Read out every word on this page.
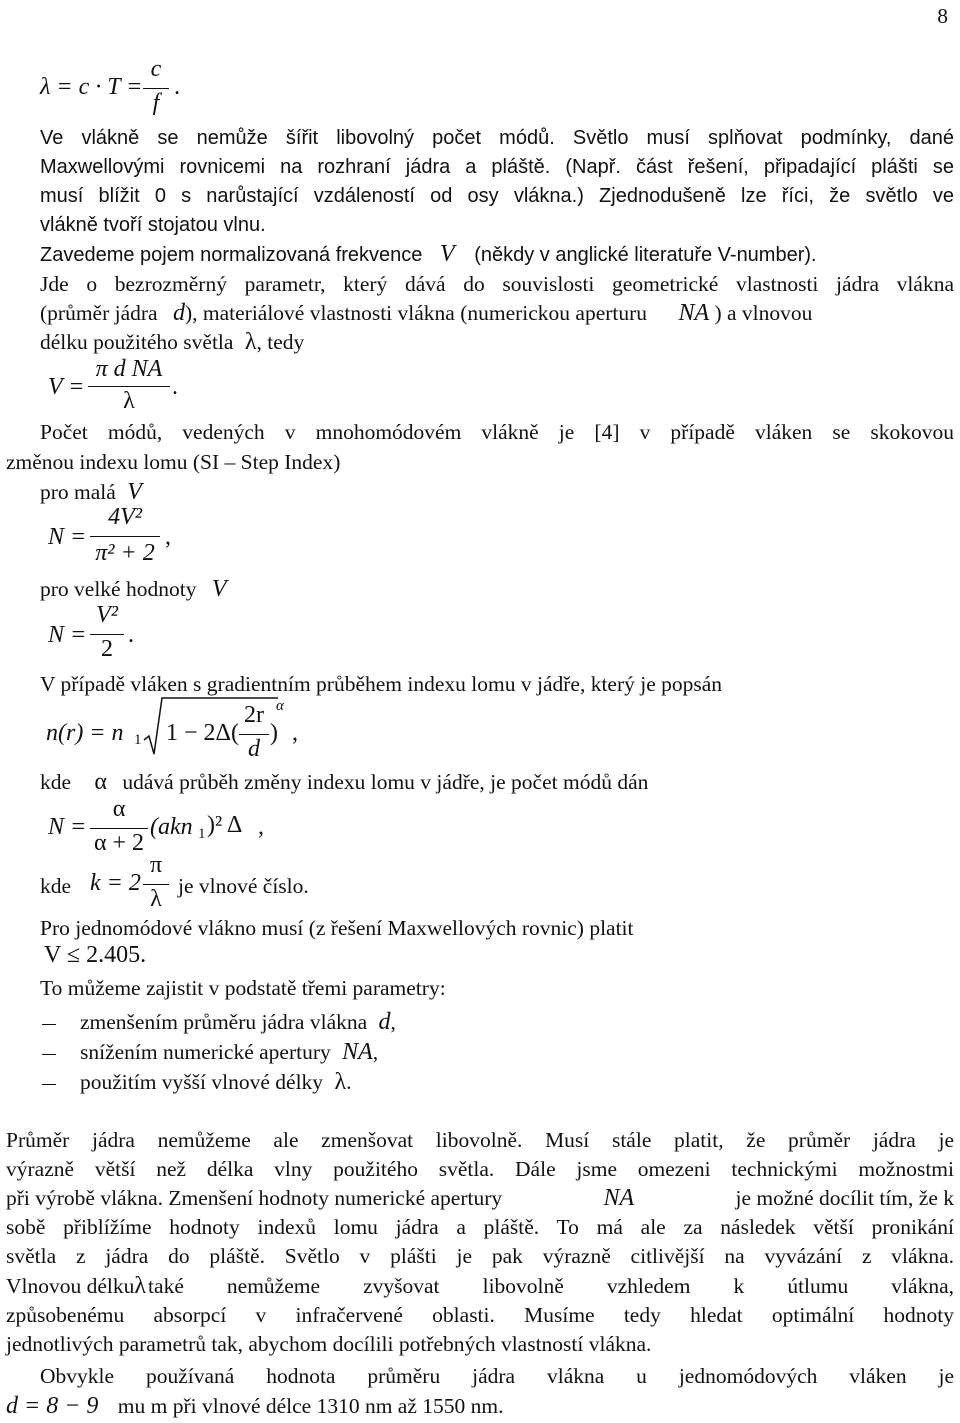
8
λ = c · T =
c
f
.
Ve vlákně se nemůže šířit libovolný počet módů. Světlo musí splňovat podmínky, dané
Maxwellovými rovnicemi na rozhraní jádra a pláště. (Např. část řešení, připadající plášti se
musí blížit 0 s narůstající vzdáleností od osy vlákna.) Zjednodušeně lze říci, že světlo ve
vlákně tvoří stojatou vlnu.
Zavedeme pojem normalizovaná frekvence V (někdy v anglické literatuře V-number).
Jde o bezrozměrný parametr, který dává do souvislosti geometrické vlastnosti jádra vlákna
(průměr jádra d), materiálové vlastnosti vlákna (numerickou aperturu NA ) a vlnovou
délku použitého světla λ, tedy
V =
π d NA
λ
.
Počet módů, vedených v mnohomódovém vlákně je [4] v případě vláken se skokovou
změnou indexu lomu (SI – Step Index)
pro malá V
N =
4V²
π² + 2
,
pro velké hodnoty V
N =
V²
2
.
V případě vláken s gradientním průběhem indexu lomu v jádře, který je popsán
n(r) = n 1 1 − 2Δ(
2r
d
)
α
,
kde α udává průběh změny indexu lomu v jádře, je počet módů dán
N =
α
α + 2
(akn 1 )² Δ ,
kde k = 2
π
λ je vlnové číslo.
Pro jednomódové vlákno musí (z řešení Maxwellových rovnic) platit
V ≤ 2.405.
To můžeme zajistit v podstatě třemi parametry:
zmenšením průměru jádra vlákna d,
snížením numerické apertury NA,
použitím vyšší vlnové délky λ.
Průměr jádra nemůžeme ale zmenšovat libovolně. Musí stále platit, že průměr jádra je
výrazně větší než délka vlny použitého světla. Dále jsme omezeni technickými možnostmi
při výrobě vlákna. Zmenšení hodnoty numerické apertury	NA	je možné docílit tím, že k
sobě přiblížíme hodnoty indexů lomu jádra a pláště. To má ale za následek větší pronikání
světla z jádra do pláště. Světlo v plášti je pak výrazně citlivější na vyvázání z vlákna.
Vlnovou délku λ také nemůžeme zvyšovat libovolně vzhledem k útlumu vlákna,
způsobenému absorpcí v infračervené oblasti. Musíme tedy hledat optimální hodnoty
jednotlivých parametrů tak, abychom docílili potřebných vlastností vlákna.
Obvykle používaná hodnota průměru jádra vlákna u jednomódových vláken je
d = 8 − 9 mu m při vlnové délce 1310 nm až 1550 nm.
